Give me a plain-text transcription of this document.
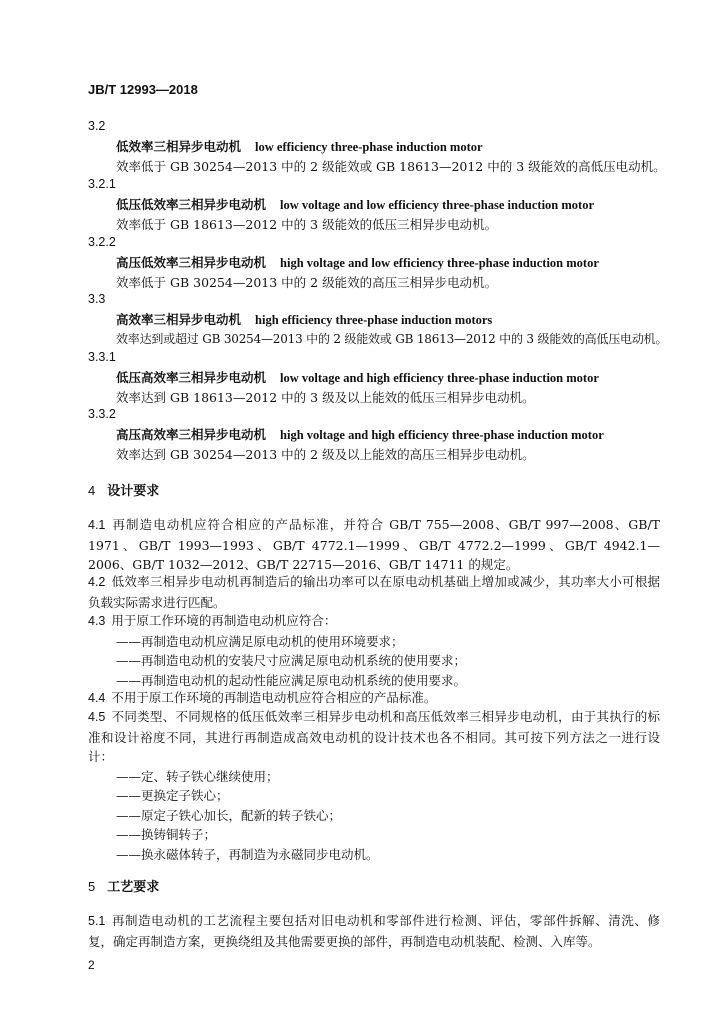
JB/T 12993—2018
3.2
低效率三相异步电动机 low efficiency three-phase induction motor
效率低于 GB 30254—2013 中的 2 级能效或 GB 18613—2012 中的 3 级能效的高低压电动机。
3.2.1
低压低效率三相异步电动机 low voltage and low efficiency three-phase induction motor
效率低于 GB 18613—2012 中的 3 级能效的低压三相异步电动机。
3.2.2
高压低效率三相异步电动机 high voltage and low efficiency three-phase induction motor
效率低于 GB 30254—2013 中的 2 级能效的高压三相异步电动机。
3.3
高效率三相异步电动机 high efficiency three-phase induction motors
效率达到或超过 GB 30254—2013 中的 2 级能效或 GB 18613—2012 中的 3 级能效的高低压电动机。
3.3.1
低压高效率三相异步电动机 low voltage and high efficiency three-phase induction motor
效率达到 GB 18613—2012 中的 3 级及以上能效的低压三相异步电动机。
3.3.2
高压高效率三相异步电动机 high voltage and high efficiency three-phase induction motor
效率达到 GB 30254—2013 中的 2 级及以上能效的高压三相异步电动机。
4 设计要求
4.1 再制造电动机应符合相应的产品标准，并符合 GB/T 755—2008、GB/T 997—2008、GB/T 1971、GB/T 1993—1993、GB/T 4772.1—1999、GB/T 4772.2—1999、GB/T 4942.1—2006、GB/T 1032—2012、GB/T 22715—2016、GB/T 14711 的规定。
4.2 低效率三相异步电动机再制造后的输出功率可以在原电动机基础上增加或减少，其功率大小可根据负载实际需求进行匹配。
4.3 用于原工作环境的再制造电动机应符合：
——再制造电动机应满足原电动机的使用环境要求；
——再制造电动机的安装尺寸应满足原电动机系统的使用要求；
——再制造电动机的起动性能应满足原电动机系统的使用要求。
4.4 不用于原工作环境的再制造电动机应符合相应的产品标准。
4.5 不同类型、不同规格的低压低效率三相异步电动机和高压低效率三相异步电动机，由于其执行的标准和设计裕度不同，其进行再制造成高效电动机的设计技术也各不相同。其可按下列方法之一进行设计：
——定、转子铁心继续使用；
——更换定子铁心；
——原定子铁心加长，配新的转子铁心；
——换铸铜转子；
——换永磁体转子，再制造为永磁同步电动机。
5 工艺要求
5.1 再制造电动机的工艺流程主要包括对旧电动机和零部件进行检测、评估，零部件拆解、清洗、修复，确定再制造方案，更换绕组及其他需要更换的部件，再制造电动机装配、检测、入库等。
2
